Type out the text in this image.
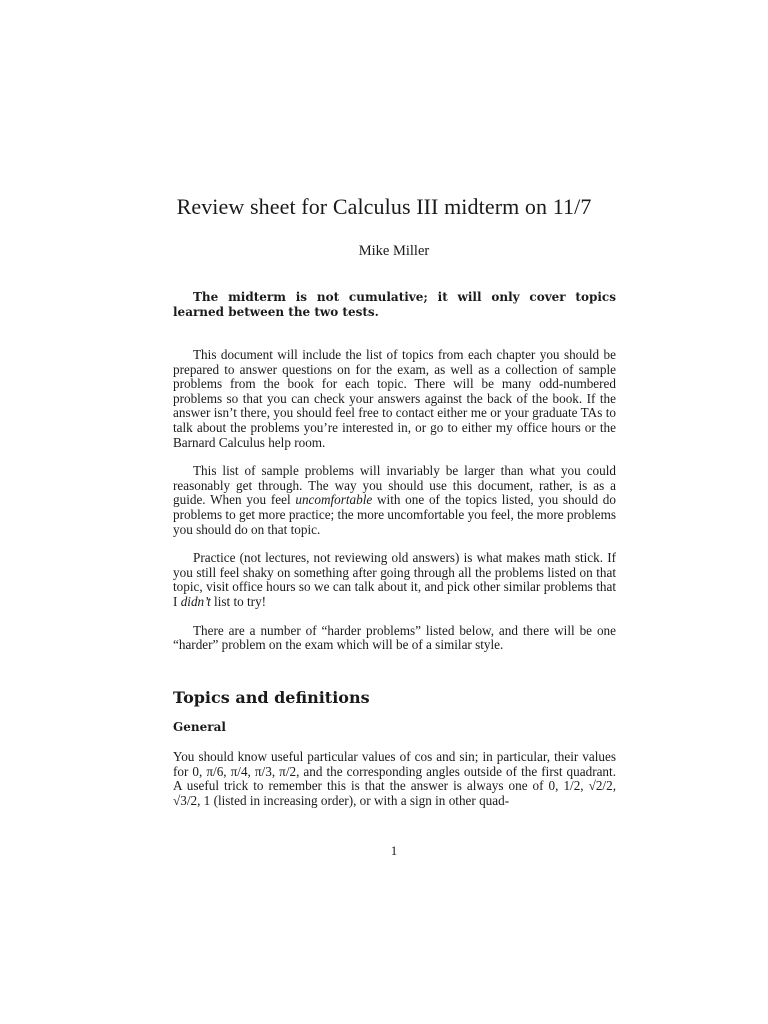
Review sheet for Calculus III midterm on 11/7
Mike Miller

The midterm is not cumulative; it will only cover topics learned between the two tests.

This document will include the list of topics from each chapter you should be prepared to answer questions on for the exam, as well as a collection of sample problems from the book for each topic. There will be many odd-numbered problems so that you can check your answers against the back of the book. If the answer isn’t there, you should feel free to contact either me or your graduate TAs to talk about the problems you’re interested in, or go to either my office hours or the Barnard Calculus help room.

This list of sample problems will invariably be larger than what you could reasonably get through. The way you should use this document, rather, is as a guide. When you feel uncomfortable with one of the topics listed, you should do problems to get more practice; the more uncomfortable you feel, the more problems you should do on that topic.

Practice (not lectures, not reviewing old answers) is what makes math stick. If you still feel shaky on something after going through all the problems listed on that topic, visit office hours so we can talk about it, and pick other similar problems that I didn’t list to try!

There are a number of “harder problems” listed below, and there will be one “harder” problem on the exam which will be of a similar style.

Topics and definitions
General

You should know useful particular values of cos and sin; in particular, their values for 0, π/6, π/4, π/3, π/2, and the corresponding angles outside of the first quadrant. A useful trick to remember this is that the answer is always one of 0, 1/2, √2/2, √3/2, 1 (listed in increasing order), or with a sign in other quad-

1
